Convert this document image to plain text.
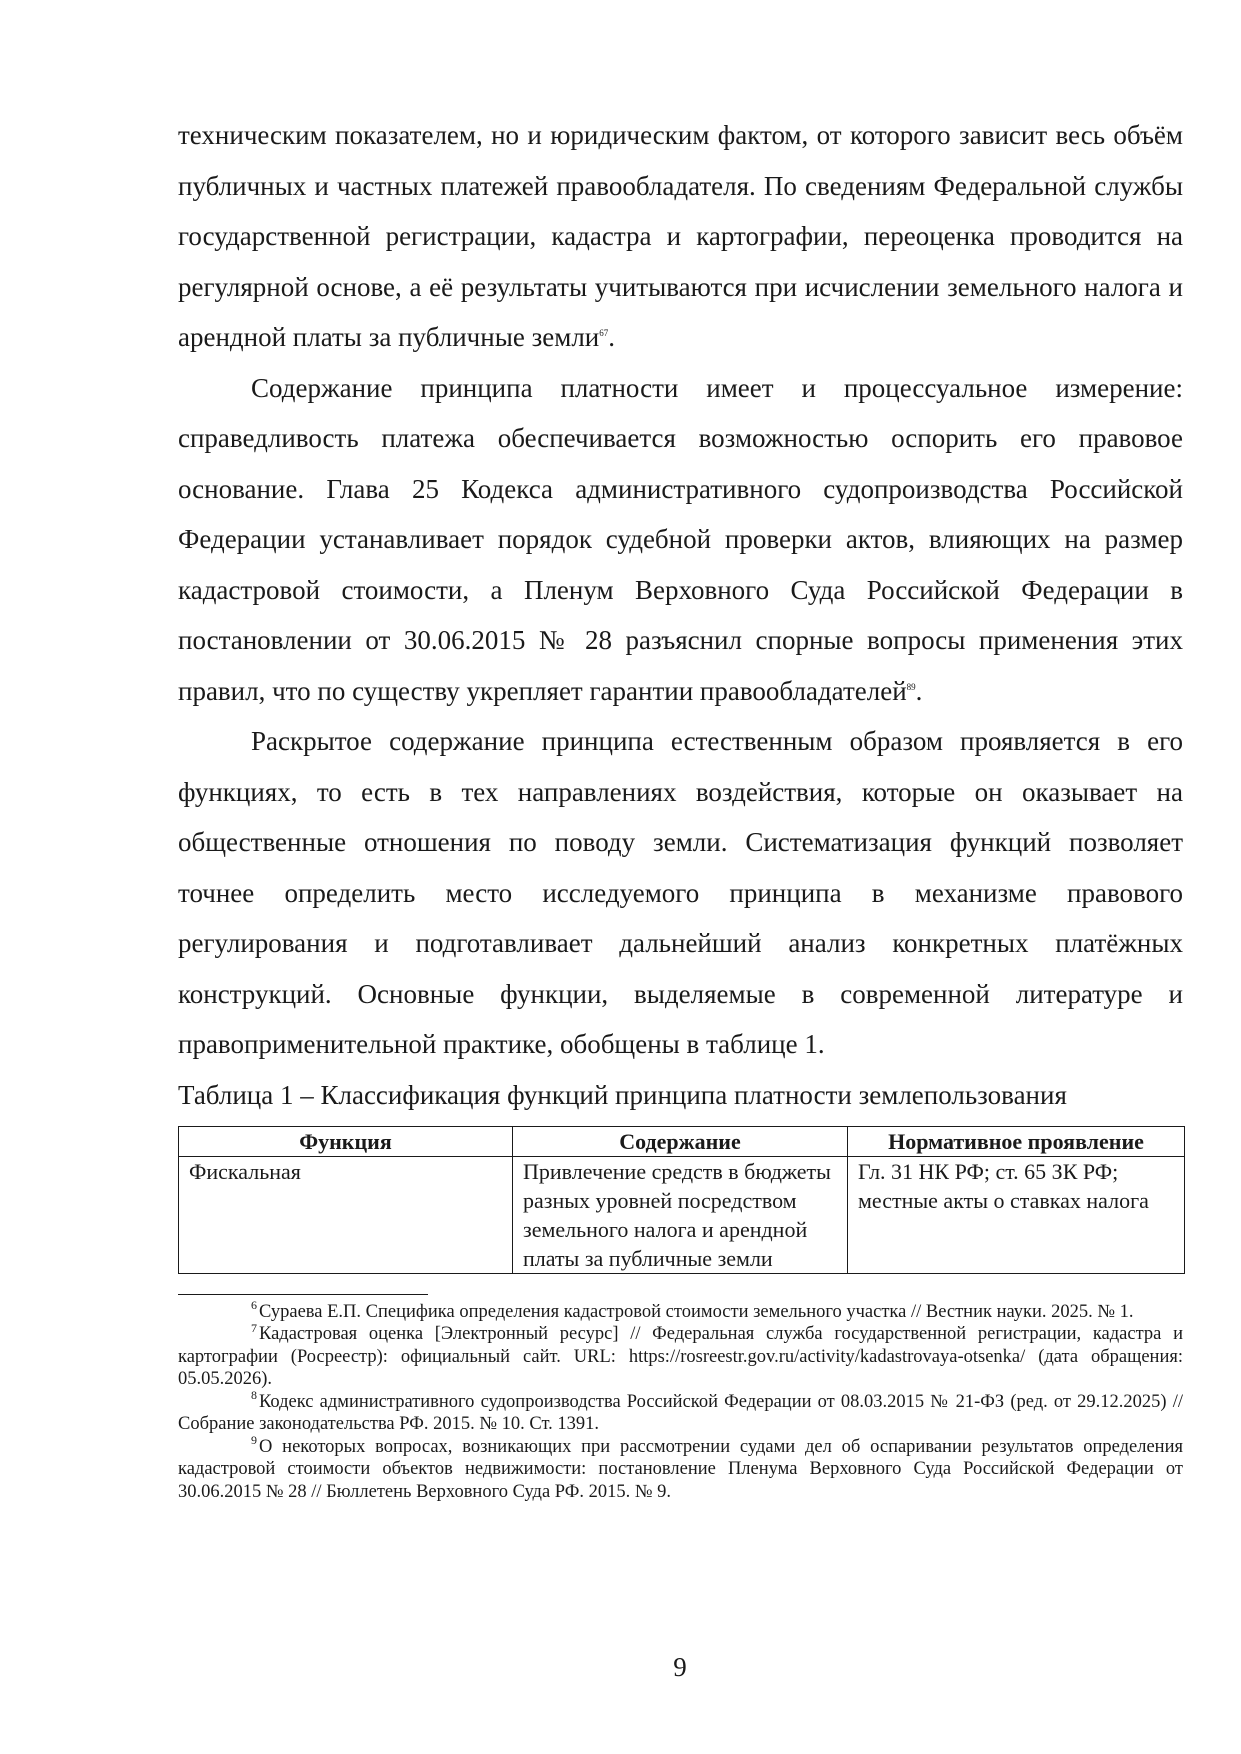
техническим показателем, но и юридическим фактом, от которого зависит весь объём публичных и частных платежей правообладателя. По сведениям Федеральной службы государственной регистрации, кадастра и картографии, переоценка проводится на регулярной основе, а её результаты учитываются при исчислении земельного налога и арендной платы за публичные земли$^{67}$.

Содержание принципа платности имеет и процессуальное измерение: справедливость платежа обеспечивается возможностью оспорить его правовое основание. Глава 25 Кодекса административного судопроизводства Российской Федерации устанавливает порядок судебной проверки актов, влияющих на размер кадастровой стоимости, а Пленум Верховного Суда Российской Федерации в постановлении от 30.06.2015 № 28 разъяснил спорные вопросы применения этих правил, что по существу укрепляет гарантии правообладателей$^{89}$.

Раскрытое содержание принципа естественным образом проявляется в его функциях, то есть в тех направлениях воздействия, которые он оказывает на общественные отношения по поводу земли. Систематизация функций позволяет точнее определить место исследуемого принципа в механизме правового регулирования и подготавливает дальнейший анализ конкретных платёжных конструкций. Основные функции, выделяемые в современной литературе и правоприменительной практике, обобщены в таблице 1.

Таблица 1 – Классификация функций принципа платности землепользования

Функция	Содержание	Нормативное проявление
Фискальная	Привлечение средств в бюджеты разных уровней посредством земельного налога и арендной платы за публичные земли	Гл. 31 НК РФ; ст. 65 ЗК РФ; местные акты о ставках налога

$^6$ Сураева Е.П. Специфика определения кадастровой стоимости земельного участка // Вестник науки. 2025. № 1.

$^7$ Кадастровая оценка [Электронный ресурс] // Федеральная служба государственной регистрации, кадастра и картографии (Росреестр): официальный сайт. URL: https://rosreestr.gov.ru/activity/kadastrovaya-otsenka/ (дата обращения: 05.05.2026).

$^8$ Кодекс административного судопроизводства Российской Федерации от 08.03.2015 № 21-ФЗ (ред. от 29.12.2025) // Собрание законодательства РФ. 2015. № 10. Ст. 1391.

$^9$ О некоторых вопросах, возникающих при рассмотрении судами дел об оспаривании результатов определения кадастровой стоимости объектов недвижимости: постановление Пленума Верховного Суда Российской Федерации от 30.06.2015 № 28 // Бюллетень Верховного Суда РФ. 2015. № 9.

9
